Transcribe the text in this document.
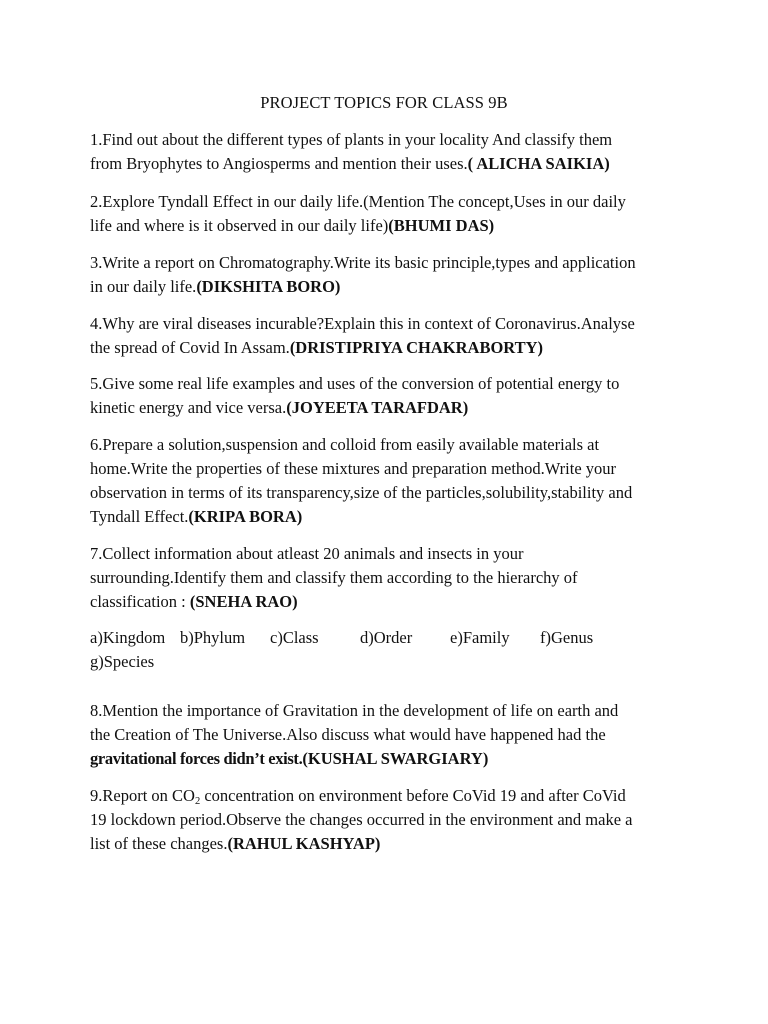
PROJECT TOPICS FOR CLASS 9B

1.Find out about the different types of plants in your locality And classify them
from Bryophytes to Angiosperms and mention their uses.( ALICHA SAIKIA)

2.Explore Tyndall Effect in our daily life.(Mention The concept,Uses in our daily
life and where is it observed in our daily life)(BHUMI DAS)

3.Write a report on Chromatography.Write its basic principle,types and application
in our daily life.(DIKSHITA BORO)

4.Why are viral diseases incurable?Explain this in context of Coronavirus.Analyse
the spread of Covid In Assam.(DRISTIPRIYA CHAKRABORTY)

5.Give some real life examples and uses of the conversion of potential energy to
kinetic energy and vice versa.(JOYEETA TARAFDAR)

6.Prepare a solution,suspension and colloid from easily available materials at
home.Write the properties of these mixtures and preparation method.Write your
observation in terms of its transparency,size of the particles,solubility,stability and
Tyndall Effect.(KRIPA BORA)

7.Collect information about atleast 20 animals and insects in your
surrounding.Identify them and classify them according to the hierarchy of
classification : (SNEHA RAO)

a)Kingdom b)Phylum c)Class	d)Order e)Family f)Genus
g)Species

8.Mention the importance of Gravitation in the development of life on earth and
the Creation of The Universe.Also discuss what would have happened had the
gravitational forces didn’t exist.(KUSHAL SWARGIARY)

9.Report on $CO_2$ concentration on environment before CoVid 19 and after CoVid
19 lockdown period.Observe the changes occurred in the environment and make a
list of these changes.(RAHUL KASHYAP)
